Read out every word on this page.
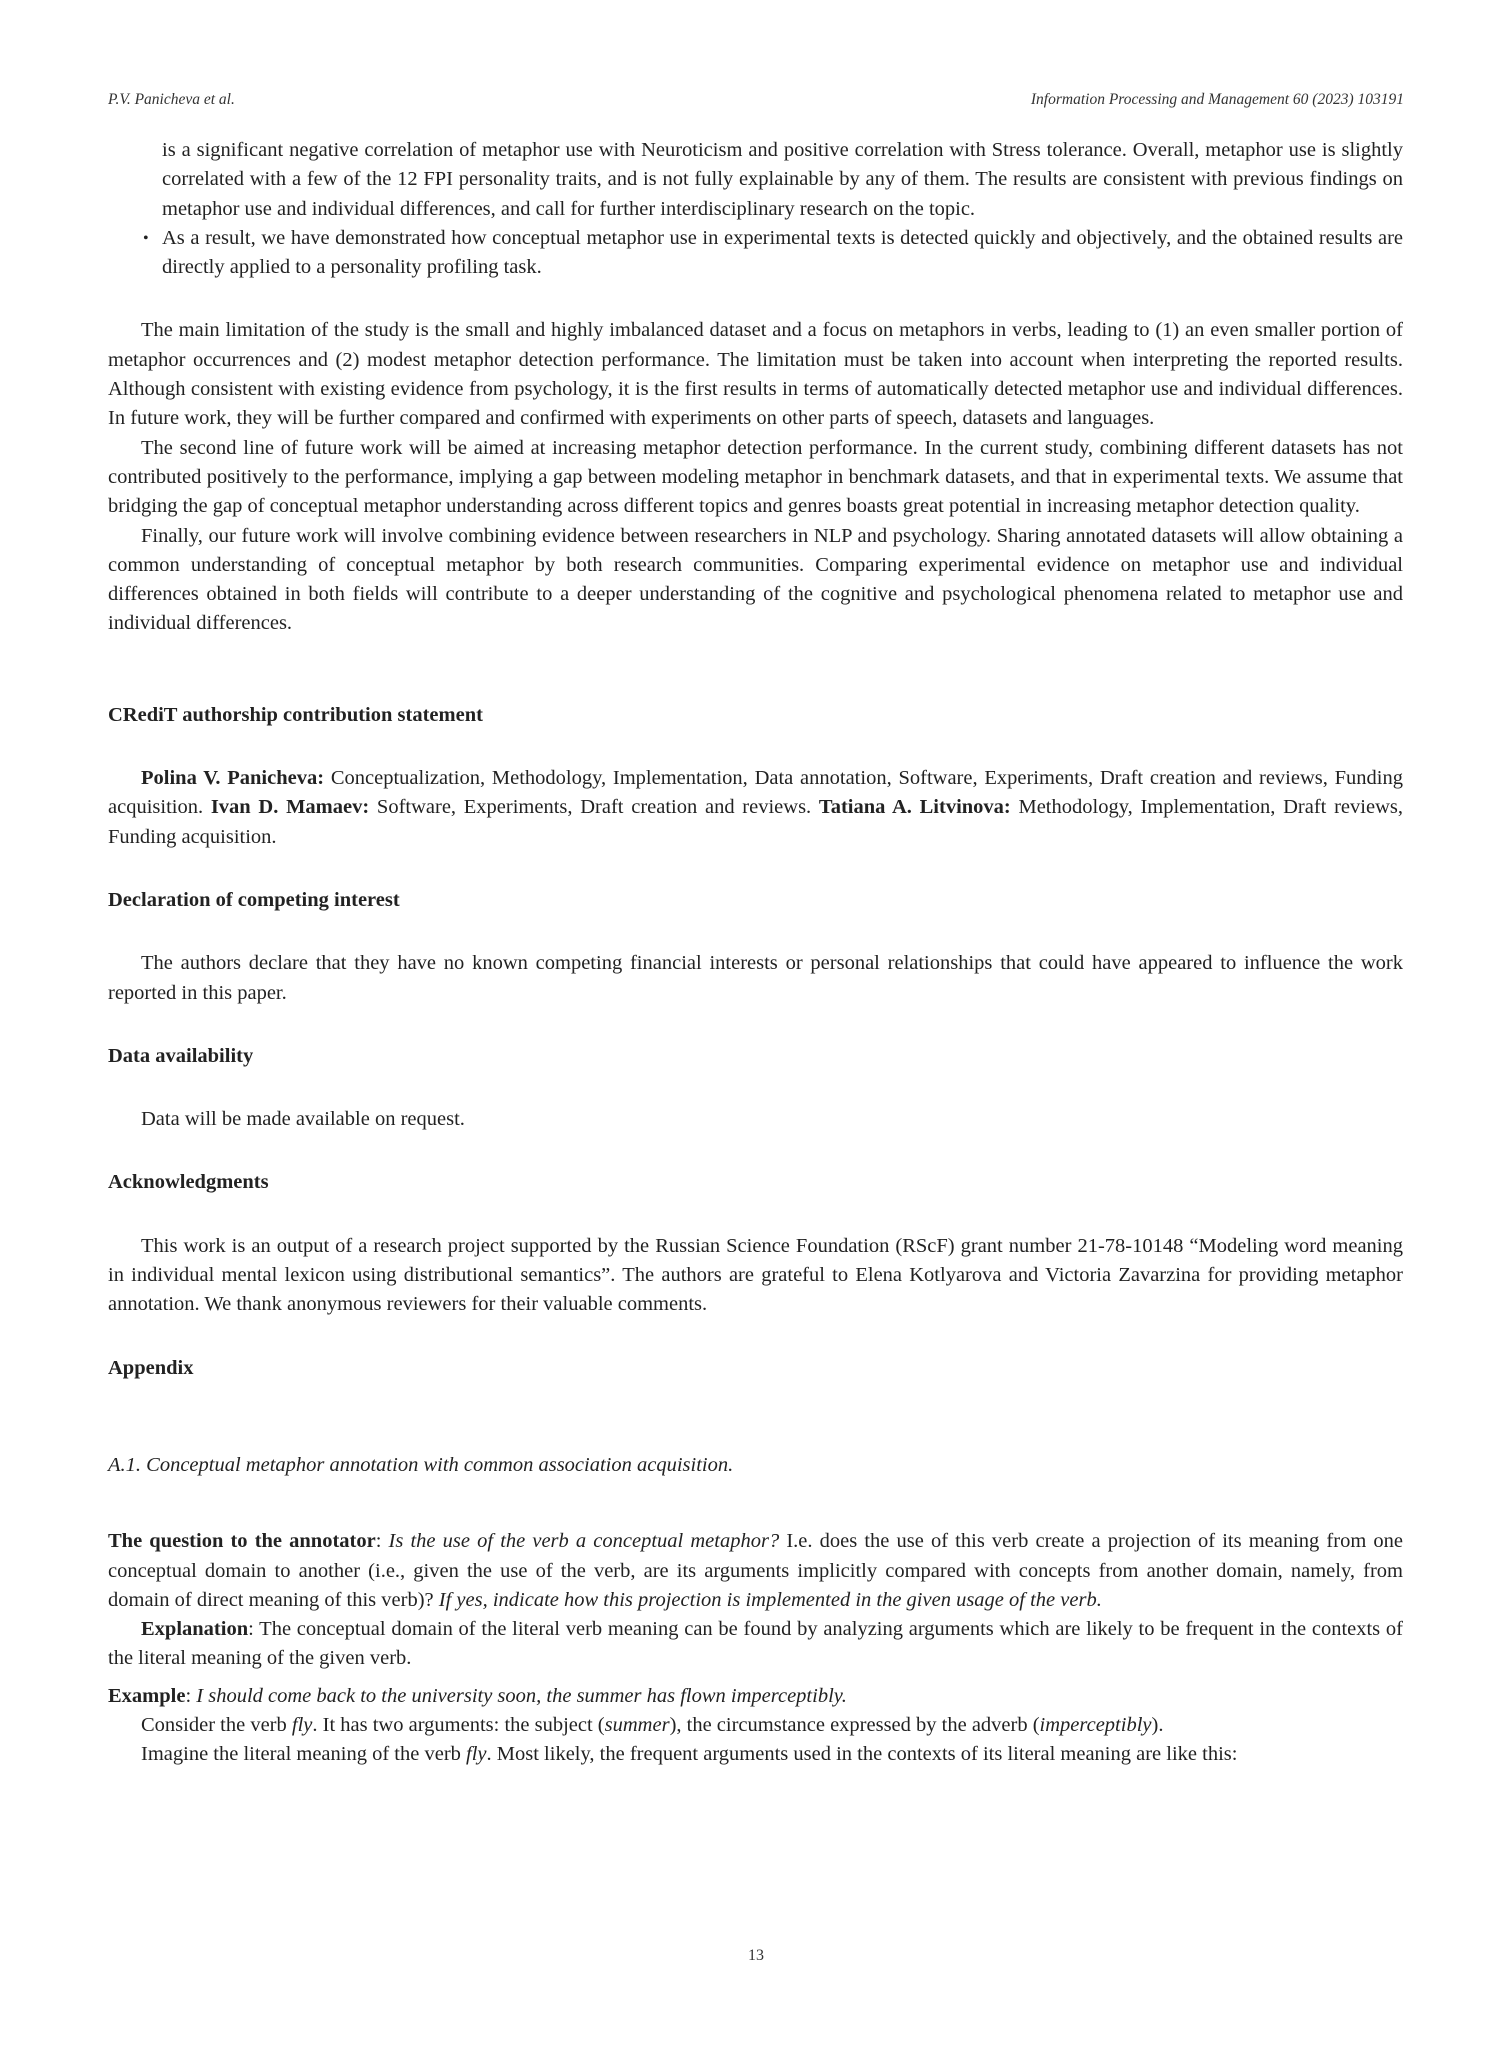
P.V. Panicheva et al.	Information Processing and Management 60 (2023) 103191
is a significant negative correlation of metaphor use with Neuroticism and positive correlation with Stress tolerance. Overall, metaphor use is slightly correlated with a few of the 12 FPI personality traits, and is not fully explainable by any of them. The results are consistent with previous findings on metaphor use and individual differences, and call for further interdisciplinary research on the topic.
• As a result, we have demonstrated how conceptual metaphor use in experimental texts is detected quickly and objectively, and the obtained results are directly applied to a personality profiling task.

The main limitation of the study is the small and highly imbalanced dataset and a focus on metaphors in verbs, leading to (1) an even smaller portion of metaphor occurrences and (2) modest metaphor detection performance. The limitation must be taken into account when interpreting the reported results. Although consistent with existing evidence from psychology, it is the first results in terms of automatically detected metaphor use and individual differences. In future work, they will be further compared and confirmed with experiments on other parts of speech, datasets and languages.

The second line of future work will be aimed at increasing metaphor detection performance. In the current study, combining different datasets has not contributed positively to the performance, implying a gap between modeling metaphor in benchmark datasets, and that in experimental texts. We assume that bridging the gap of conceptual metaphor understanding across different topics and genres boasts great potential in increasing metaphor detection quality.

Finally, our future work will involve combining evidence between researchers in NLP and psychology. Sharing annotated datasets will allow obtaining a common understanding of conceptual metaphor by both research communities. Comparing experimental evidence on metaphor use and individual differences obtained in both fields will contribute to a deeper understanding of the cognitive and psychological phenomena related to metaphor use and individual differences.

CRediT authorship contribution statement

Polina V. Panicheva: Conceptualization, Methodology, Implementation, Data annotation, Software, Experiments, Draft creation and reviews, Funding acquisition. Ivan D. Mamaev: Software, Experiments, Draft creation and reviews. Tatiana A. Litvinova: Methodology, Implementation, Draft reviews, Funding acquisition.

Declaration of competing interest

The authors declare that they have no known competing financial interests or personal relationships that could have appeared to influence the work reported in this paper.

Data availability

Data will be made available on request.

Acknowledgments

This work is an output of a research project supported by the Russian Science Foundation (RScF) grant number 21-78-10148 “Modeling word meaning in individual mental lexicon using distributional semantics”. The authors are grateful to Elena Kotlyarova and Victoria Zavarzina for providing metaphor annotation. We thank anonymous reviewers for their valuable comments.

Appendix
A.1. Conceptual metaphor annotation with common association acquisition.

The question to the annotator: Is the use of the verb a conceptual metaphor? I.e. does the use of this verb create a projection of its meaning from one conceptual domain to another (i.e., given the use of the verb, are its arguments implicitly compared with concepts from another domain, namely, from domain of direct meaning of this verb)? If yes, indicate how this projection is implemented in the given usage of the verb.

Explanation: The conceptual domain of the literal verb meaning can be found by analyzing arguments which are likely to be frequent in the contexts of the literal meaning of the given verb.

Example: I should come back to the university soon, the summer has flown imperceptibly.

Consider the verb fly. It has two arguments: the subject (summer), the circumstance expressed by the adverb (imperceptibly).

Imagine the literal meaning of the verb fly. Most likely, the frequent arguments used in the contexts of its literal meaning are like this:

13
